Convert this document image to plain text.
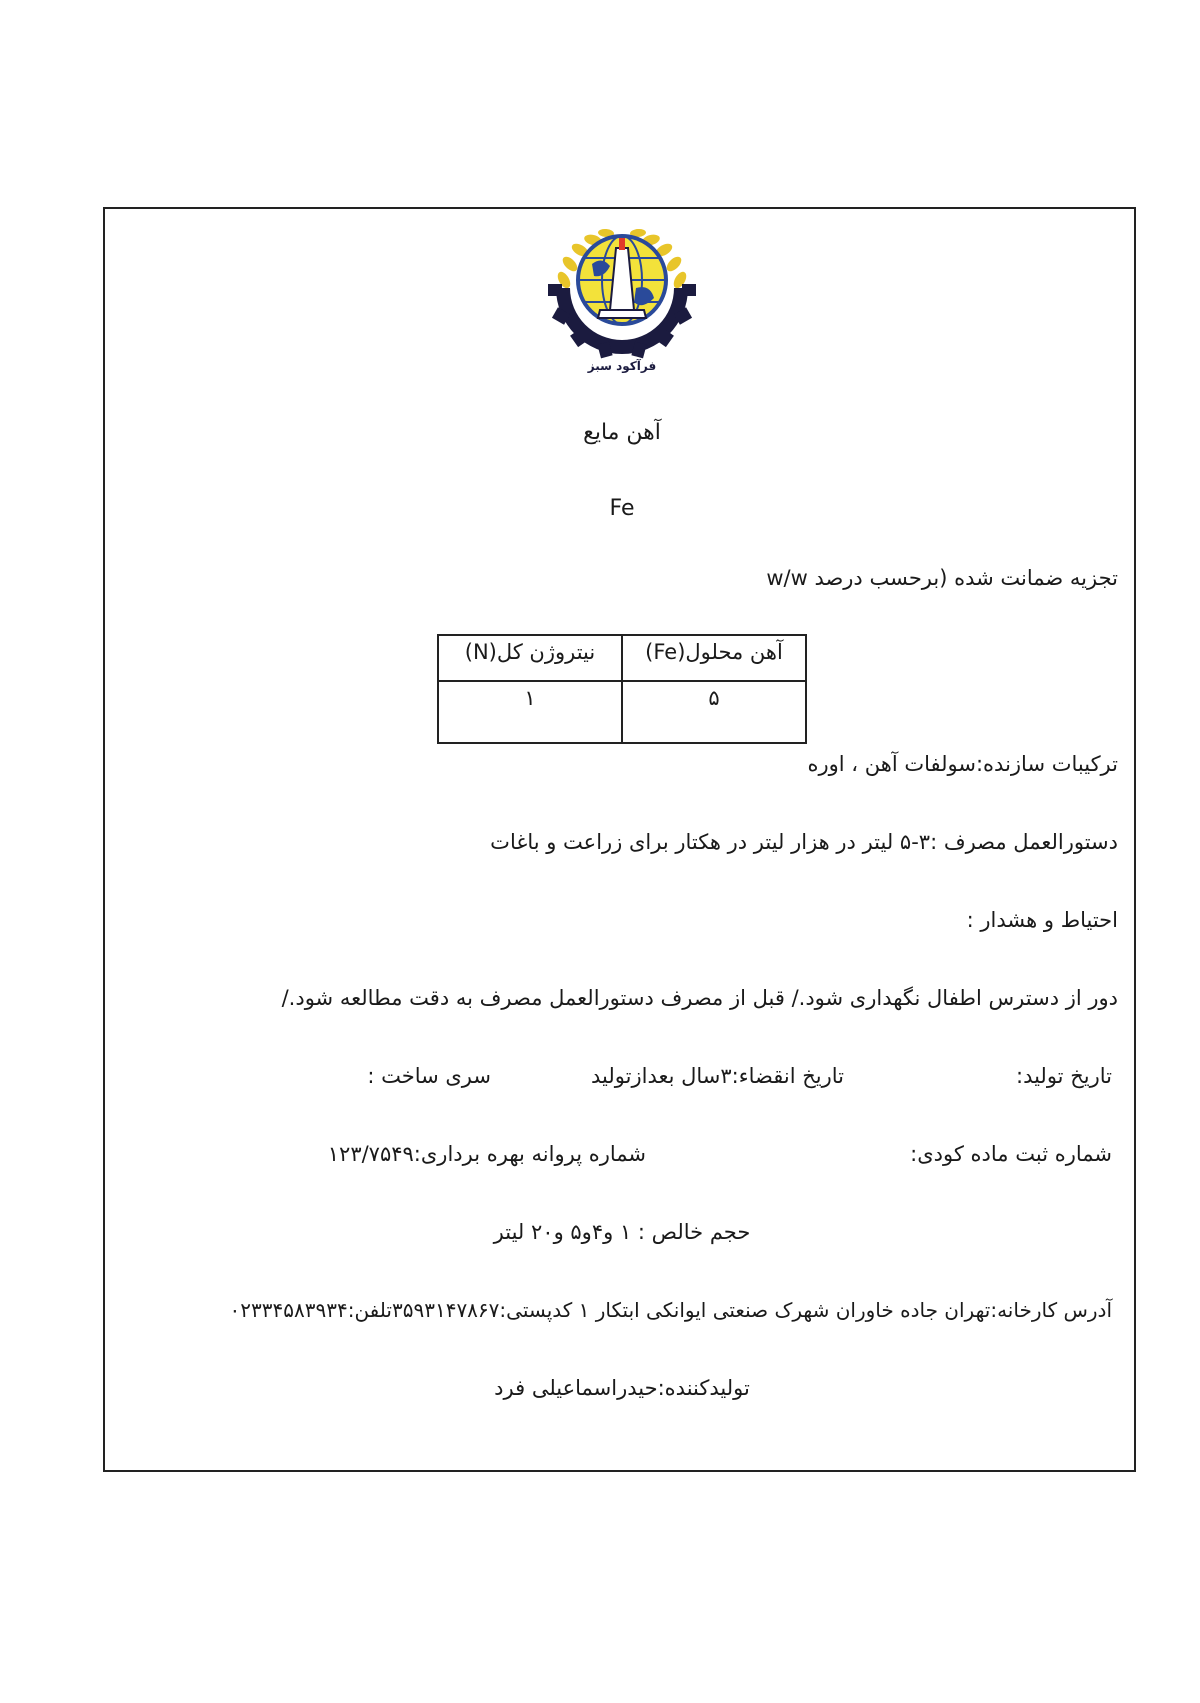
فرآکود سبز
آهن مایع
Fe
تجزیه ضمانت شده (برحسب درصد w/w
آهن محلول(Fe)	نیتروژن کل(N)
۵	۱
ترکیبات سازنده:سولفات آهن ، اوره
دستورالعمل مصرف :۳-۵ لیتر در هزار لیتر در هکتار برای زراعت و باغات
احتیاط و هشدار :
دور از دسترس اطفال نگهداری شود./ قبل از مصرف دستورالعمل مصرف به دقت مطالعه شود./
تاریخ تولید:
تاریخ انقضاء:۳سال بعدازتولید
سری ساخت :
شماره ثبت ماده کودی:
شماره پروانه بهره برداری:۱۲۳/۷۵۴۹
حجم خالص : ۱ و۴و۵ و۲۰ لیتر
آدرس کارخانه:تهران جاده خاوران شهرک صنعتی ایوانکی ابتکار ۱ کدپستی:۳۵۹۳۱۴۷۸۶۷تلفن:۰۲۳۳۴۵۸۳۹۳۴
تولیدکننده:حیدراسماعیلی فرد
